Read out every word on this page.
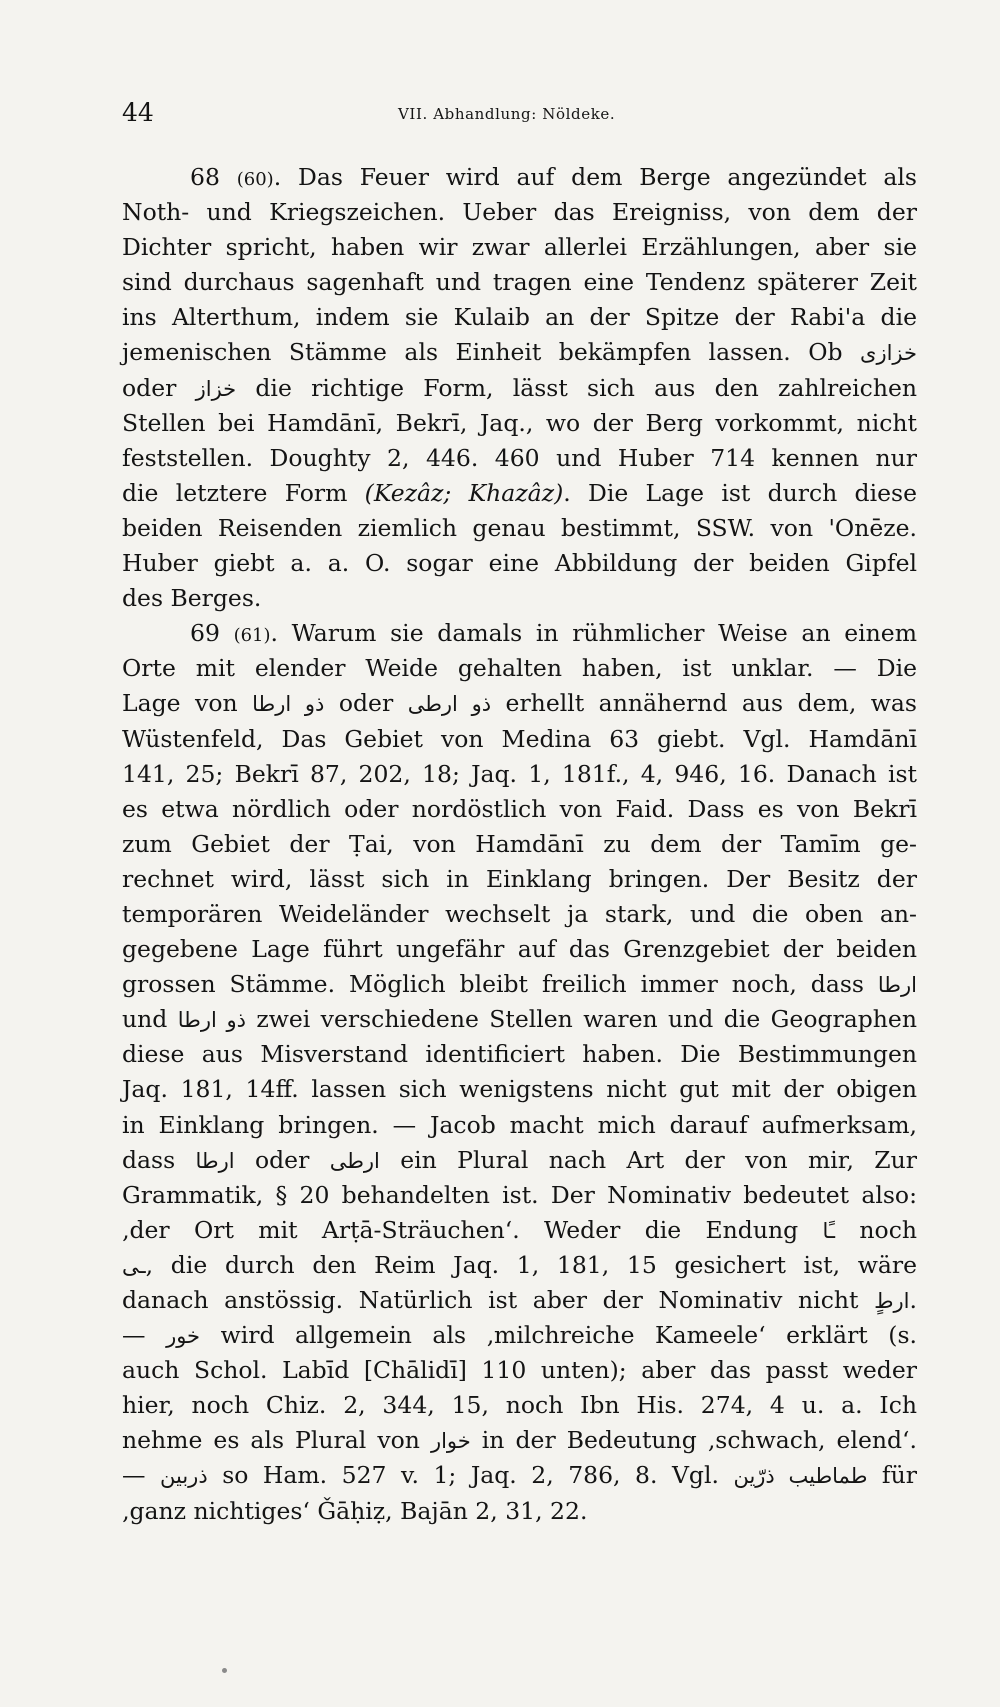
44	VII. Abhandlung: Nöldeke.
68 (60). Das Feuer wird auf dem Berge angezündet als
Noth- und Kriegszeichen. Ueber das Ereigniss, von dem der
Dichter spricht, haben wir zwar allerlei Erzählungen, aber sie
sind durchaus sagenhaft und tragen eine Tendenz späterer Zeit
ins Alterthum, indem sie Kulaib an der Spitze der Rabi'a die
jemenischen Stämme als Einheit bekämpfen lassen. Ob خزازى
oder خزاز die richtige Form, lässt sich aus den zahlreichen
Stellen bei Hamdānī, Bekrī, Jaq., wo der Berg vorkommt, nicht
feststellen. Doughty 2, 446. 460 und Huber 714 kennen nur
die letztere Form (Kezâz; Khazâz). Die Lage ist durch diese
beiden Reisenden ziemlich genau bestimmt, SSW. von 'Onēze.
Huber giebt a. a. O. sogar eine Abbildung der beiden Gipfel
des Berges.
69 (61). Warum sie damals in rühmlicher Weise an einem
Orte mit elender Weide gehalten haben, ist unklar. — Die
Lage von ذو ارطا oder ذو ارطى erhellt annähernd aus dem, was
Wüstenfeld, Das Gebiet von Medina 63 giebt. Vgl. Hamdānī
141, 25; Bekrī 87, 202, 18; Jaq. 1, 181f., 4, 946, 16. Danach ist
es etwa nördlich oder nordöstlich von Faid. Dass es von Bekrī
zum Gebiet der Ṭai, von Hamdānī zu dem der Tamīm ge-
rechnet wird, lässt sich in Einklang bringen. Der Besitz der
temporären Weideländer wechselt ja stark, und die oben an-
gegebene Lage führt ungefähr auf das Grenzgebiet der beiden
grossen Stämme. Möglich bleibt freilich immer noch, dass ارطا
und ذو ارطا zwei verschiedene Stellen waren und die Geographen
diese aus Misverstand identificiert haben. Die Bestimmungen
Jaq. 181, 14ff. lassen sich wenigstens nicht gut mit der obigen
in Einklang bringen. — Jacob macht mich darauf aufmerksam,
dass ارطا oder ارطى ein Plural nach Art der von mir, Zur
Grammatik, § 20 behandelten ist. Der Nominativ bedeutet also:
‚der Ort mit Arṭā-Sträuchen‘. Weder die Endung ـًا noch
ـى, die durch den Reim Jaq. 1, 181, 15 gesichert ist, wäre
danach anstössig. Natürlich ist aber der Nominativ nicht ارطٍ.
— خور wird allgemein als ‚milchreiche Kameele‘ erklärt (s.
auch Schol. Labīd [Chālidī] 110 unten); aber das passt weder
hier, noch Chiz. 2, 344, 15, noch Ibn His. 274, 4 u. a. Ich
nehme es als Plural von خوار in der Bedeutung ‚schwach, elend‘.
— ذربين so Ham. 527 v. 1; Jaq. 2, 786, 8. Vgl. طماطيب ذرّين für
‚ganz nichtiges‘ Ǧāḥiẓ, Bajān 2, 31, 22.
